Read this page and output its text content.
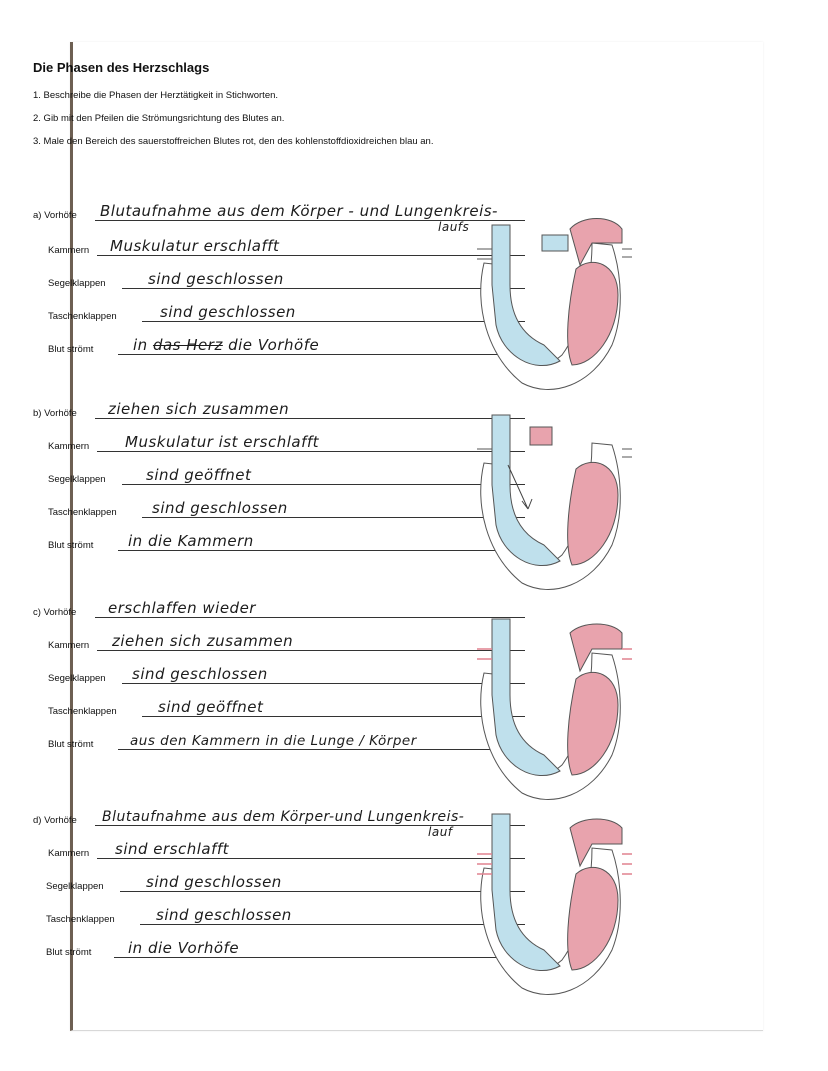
Die Phasen des Herzschlags
1. Beschreibe die Phasen der Herztätigkeit in Stichworten.
2. Gib mit den Pfeilen die Strömungsrichtung des Blutes an.
3. Male den Bereich des sauerstoffreichen Blutes rot, den des kohlenstoffdioxidreichen blau an.
a) Vorhöfe Blutaufnahme aus dem Körper - und Lungenkreis-
laufs
Kammern Muskulatur erschlafft
Segelklappen	sind geschlossen
Taschenklappen	sind geschlossen
Blut strömt	in das Herz die Vorhöfe
b) Vorhöfe ziehen sich zusammen
Kammern Muskulatur ist erschlafft
Segelklappen	sind geöffnet
Taschenklappen sind geschlossen
Blut strömt in die Kammern
c) Vorhöfe erschlaffen wieder
Kammern ziehen sich zusammen
Segelklappen sind geschlossen
Taschenklappen	sind geöffnet
Blut strömt	aus den Kammern in die Lunge / Körper
d) Vorhöfe Blutaufnahme aus dem Körper-und Lungenkreis-
lauf
Kammern sind erschlafft
Segelklappen	sind geschlossen
Taschenklappen	sind geschlossen
Blut strömt in die Vorhöfe
